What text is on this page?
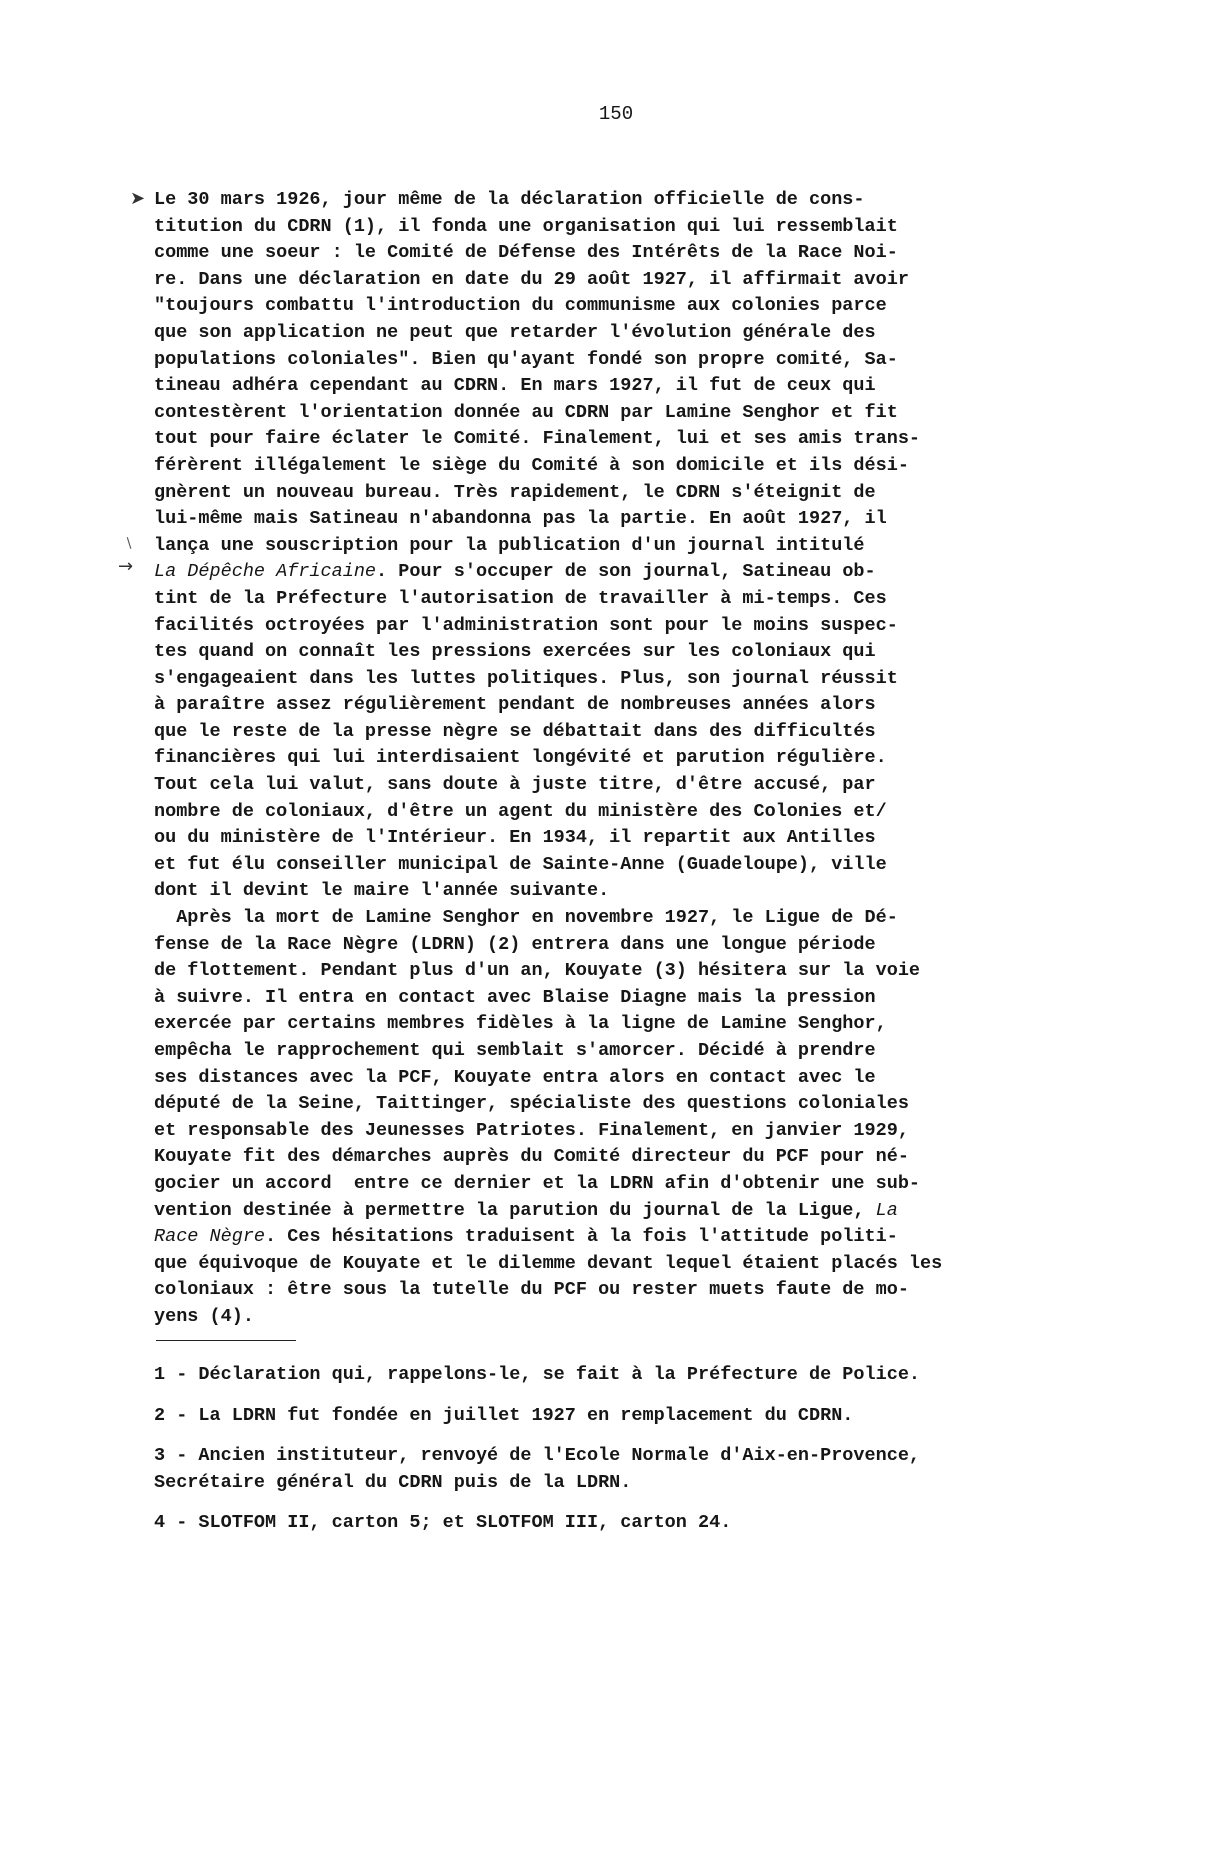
150
➤
→
∖
Le 30 mars 1926, jour même de la déclaration officielle de cons-
titution du CDRN (1), il fonda une organisation qui lui ressemblait
comme une soeur : le Comité de Défense des Intérêts de la Race Noi-
re. Dans une déclaration en date du 29 août 1927, il affirmait avoir
"toujours combattu l'introduction du communisme aux colonies parce
que son application ne peut que retarder l'évolution générale des
populations coloniales". Bien qu'ayant fondé son propre comité, Sa-
tineau adhéra cependant au CDRN. En mars 1927, il fut de ceux qui
contestèrent l'orientation donnée au CDRN par Lamine Senghor et fit
tout pour faire éclater le Comité. Finalement, lui et ses amis trans-
férèrent illégalement le siège du Comité à son domicile et ils dési-
gnèrent un nouveau bureau. Très rapidement, le CDRN s'éteignit de
lui-même mais Satineau n'abandonna pas la partie. En août 1927, il
lança une souscription pour la publication d'un journal intitulé
La Dépêche Africaine. Pour s'occuper de son journal, Satineau ob-
tint de la Préfecture l'autorisation de travailler à mi-temps. Ces
facilités octroyées par l'administration sont pour le moins suspec-
tes quand on connaît les pressions exercées sur les coloniaux qui
s'engageaient dans les luttes politiques. Plus, son journal réussit
à paraître assez régulièrement pendant de nombreuses années alors
que le reste de la presse nègre se débattait dans des difficultés
financières qui lui interdisaient longévité et parution régulière.
Tout cela lui valut, sans doute à juste titre, d'être accusé, par
nombre de coloniaux, d'être un agent du ministère des Colonies et/
ou du ministère de l'Intérieur. En 1934, il repartit aux Antilles
et fut élu conseiller municipal de Sainte-Anne (Guadeloupe), ville
dont il devint le maire l'année suivante.
Après la mort de Lamine Senghor en novembre 1927, le Ligue de Dé-
fense de la Race Nègre (LDRN) (2) entrera dans une longue période
de flottement. Pendant plus d'un an, Kouyate (3) hésitera sur la voie
à suivre. Il entra en contact avec Blaise Diagne mais la pression
exercée par certains membres fidèles à la ligne de Lamine Senghor,
empêcha le rapprochement qui semblait s'amorcer. Décidé à prendre
ses distances avec la PCF, Kouyate entra alors en contact avec le
député de la Seine, Taittinger, spécialiste des questions coloniales
et responsable des Jeunesses Patriotes. Finalement, en janvier 1929,
Kouyate fit des démarches auprès du Comité directeur du PCF pour né-
gocier un accord  entre ce dernier et la LDRN afin d'obtenir une sub-
vention destinée à permettre la parution du journal de la Ligue, La
Race Nègre. Ces hésitations traduisent à la fois l'attitude politi-
que équivoque de Kouyate et le dilemme devant lequel étaient placés les
coloniaux : être sous la tutelle du PCF ou rester muets faute de mo-
yens (4).
1 - Déclaration qui, rappelons-le, se fait à la Préfecture de Police.
2 - La LDRN fut fondée en juillet 1927 en remplacement du CDRN.
3 - Ancien instituteur, renvoyé de l'Ecole Normale d'Aix-en-Provence,
Secrétaire général du CDRN puis de la LDRN.
4 - SLOTFOM II, carton 5; et SLOTFOM III, carton 24.
